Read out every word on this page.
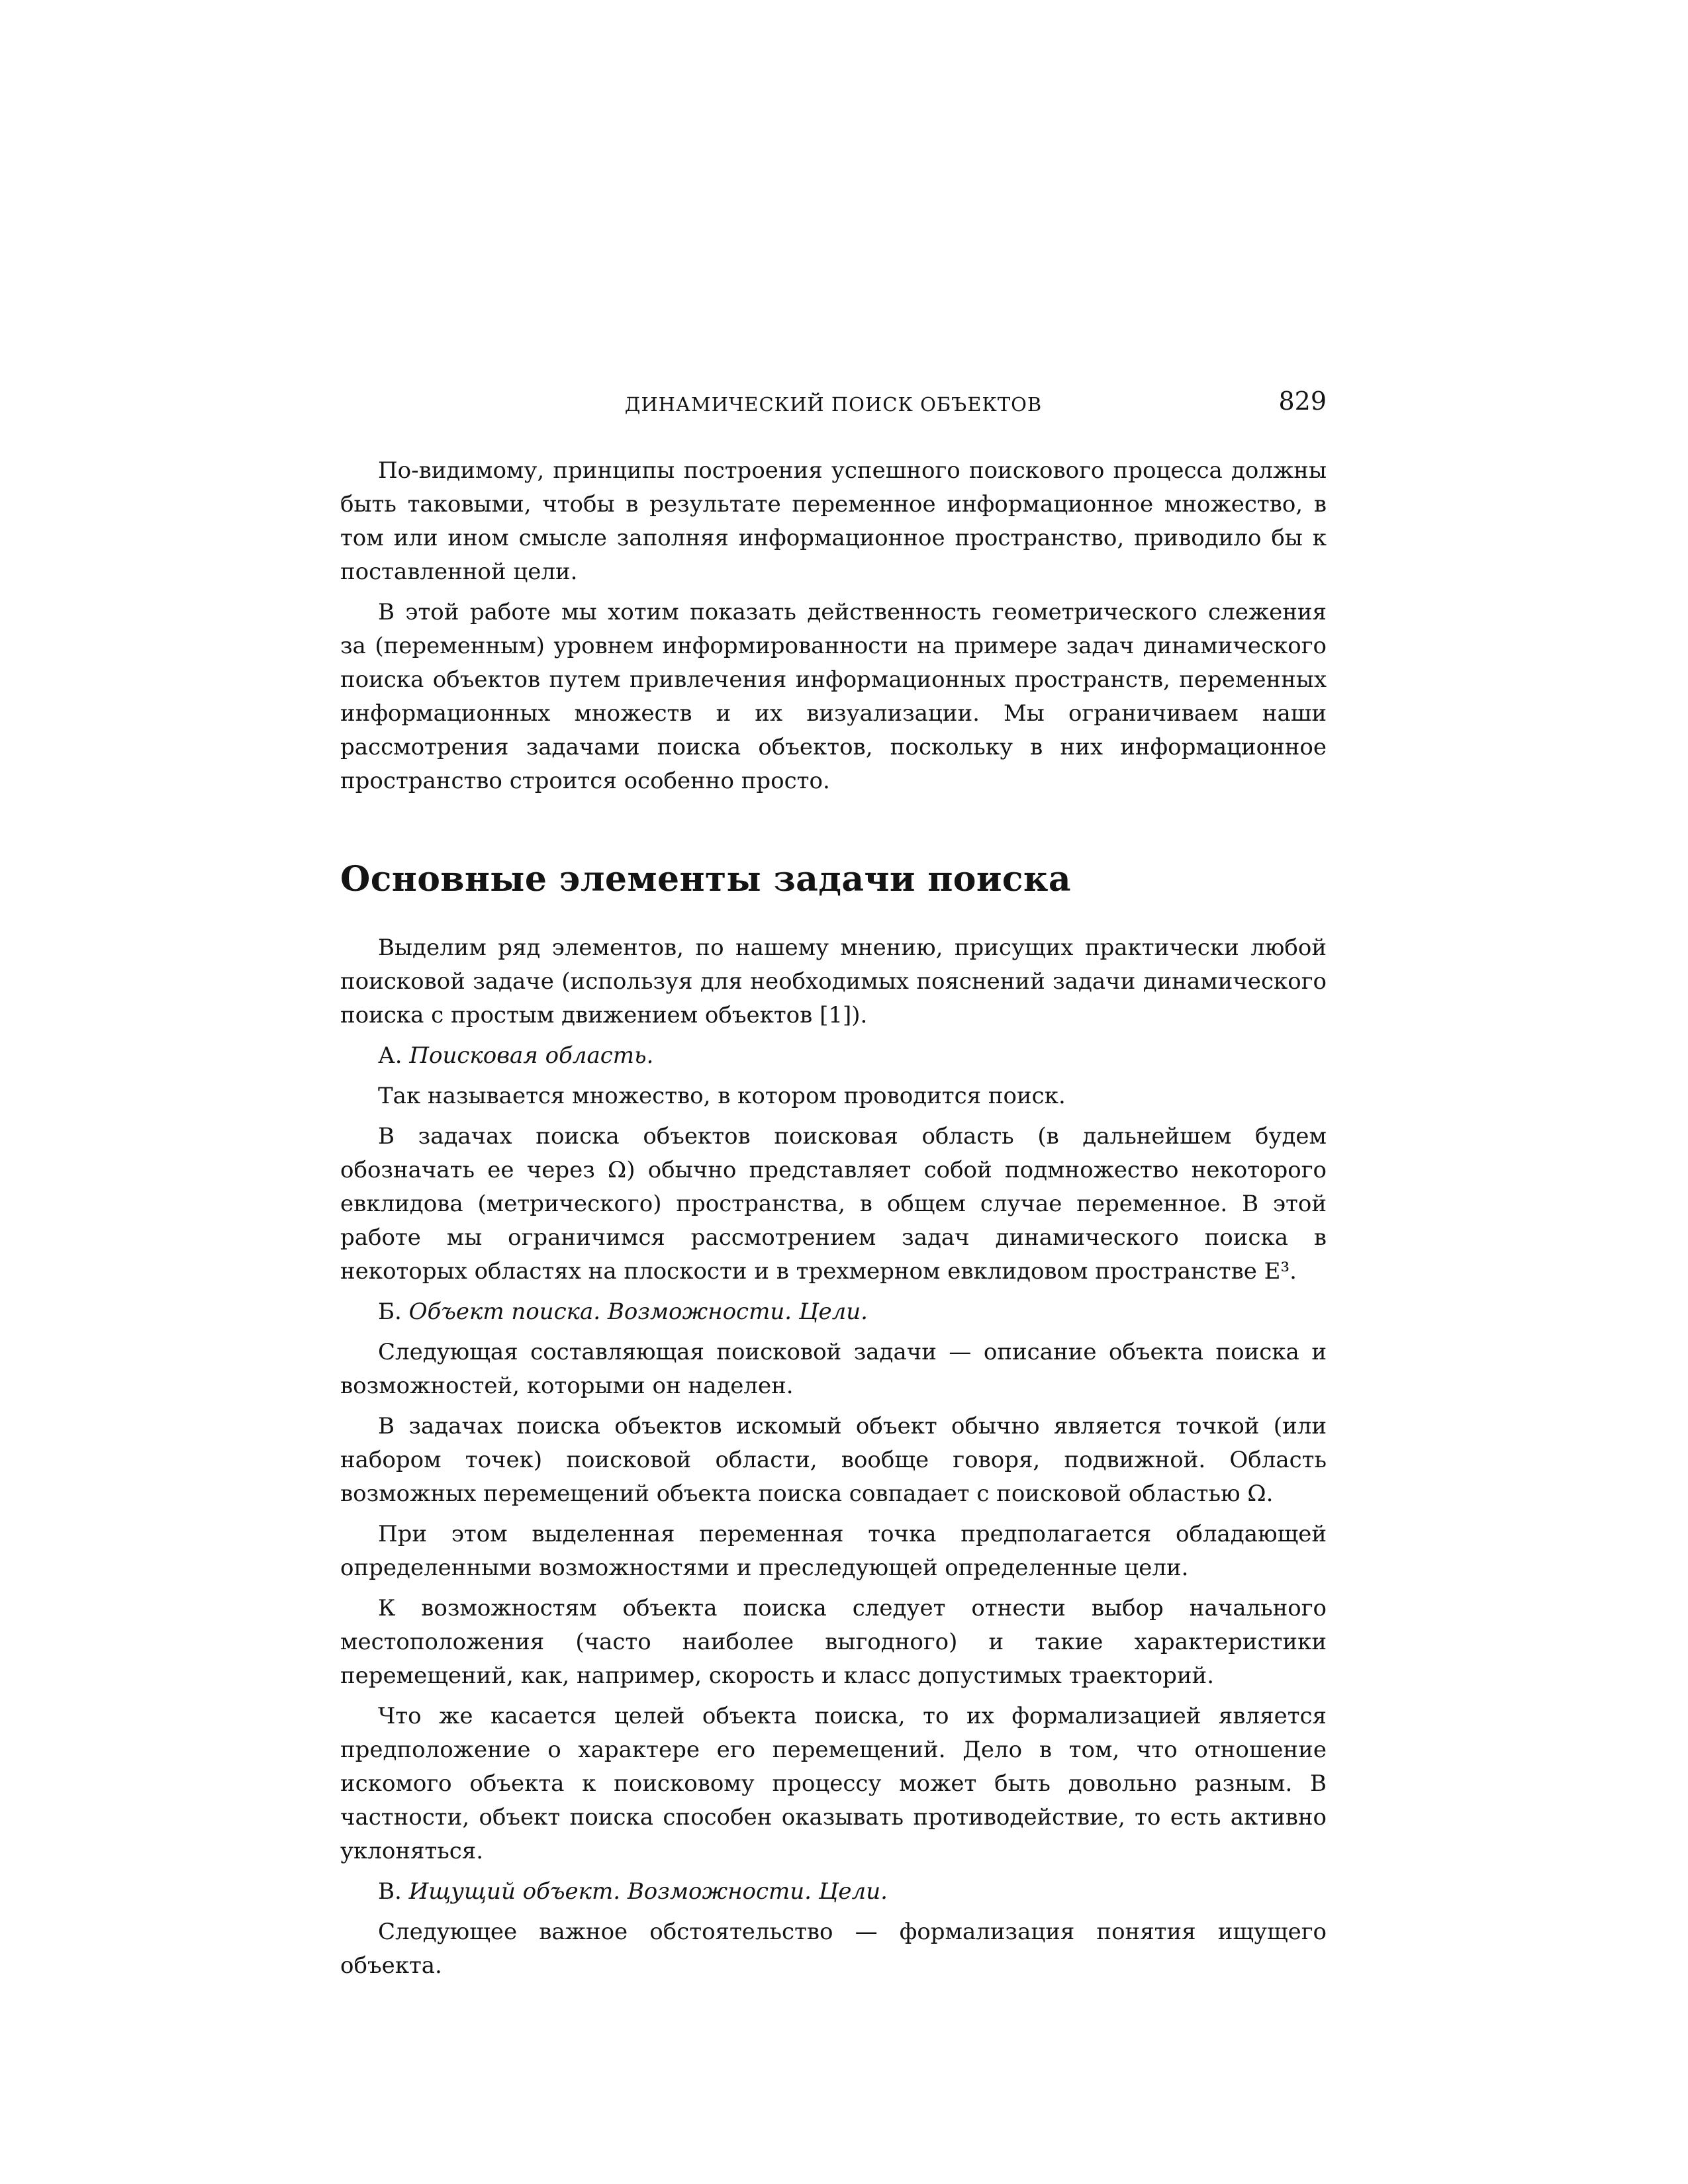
ДИНАМИЧЕСКИЙ ПОИСК ОБЪЕКТОВ	829

По-видимому, принципы построения успешного поискового процесса должны быть таковыми, чтобы в результате переменное информационное множество, в том или ином смысле заполняя информационное пространство, приводило бы к поставленной цели.

В этой работе мы хотим показать действенность геометрического слежения за (переменным) уровнем информированности на примере задач динамического поиска объектов путем привлечения информационных пространств, переменных информационных множеств и их визуализации. Мы ограничиваем наши рассмотрения задачами поиска объектов, поскольку в них информационное пространство строится особенно просто.

Основные элементы задачи поиска

Выделим ряд элементов, по нашему мнению, присущих практически любой поисковой задаче (используя для необходимых пояснений задачи динамического поиска с простым движением объектов [1]).

А. Поисковая область.

Так называется множество, в котором проводится поиск.

В задачах поиска объектов поисковая область (в дальнейшем будем обозначать ее через Ω) обычно представляет собой подмножество некоторого евклидова (метрического) пространства, в общем случае переменное. В этой работе мы ограничимся рассмотрением задач динамического поиска в некоторых областях на плоскости и в трехмерном евклидовом пространстве E³.

Б. Объект поиска. Возможности. Цели.

Следующая составляющая поисковой задачи — описание объекта поиска и возможностей, которыми он наделен.

В задачах поиска объектов искомый объект обычно является точкой (или набором точек) поисковой области, вообще говоря, подвижной. Область возможных перемещений объекта поиска совпадает с поисковой областью Ω.

При этом выделенная переменная точка предполагается обладающей определенными возможностями и преследующей определенные цели.

К возможностям объекта поиска следует отнести выбор начального местоположения (часто наиболее выгодного) и такие характеристики перемещений, как, например, скорость и класс допустимых траекторий.

Что же касается целей объекта поиска, то их формализацией является предположение о характере его перемещений. Дело в том, что отношение искомого объекта к поисковому процессу может быть довольно разным. В частности, объект поиска способен оказывать противодействие, то есть активно уклоняться.

В. Ищущий объект. Возможности. Цели.

Следующее важное обстоятельство — формализация понятия ищущего объекта.
